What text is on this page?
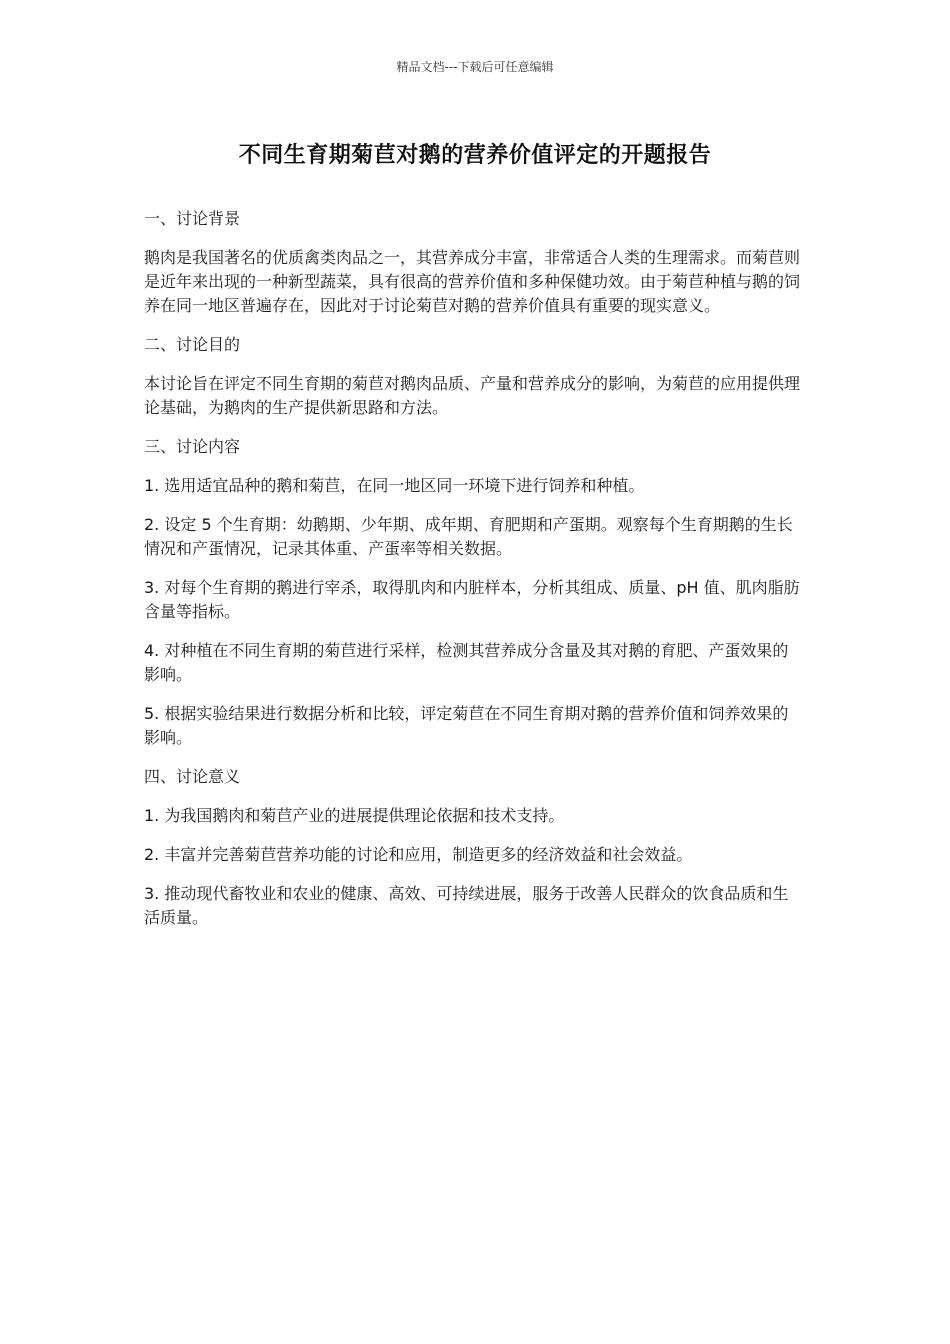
精品文档---下载后可任意编辑
不同生育期菊苣对鹅的营养价值评定的开题报告

一、讨论背景

鹅肉是我国著名的优质禽类肉品之一，其营养成分丰富，非常适合人类的生理需求。而菊苣则是近年来出现的一种新型蔬菜，具有很高的营养价值和多种保健功效。由于菊苣种植与鹅的饲养在同一地区普遍存在，因此对于讨论菊苣对鹅的营养价值具有重要的现实意义。

二、讨论目的

本讨论旨在评定不同生育期的菊苣对鹅肉品质、产量和营养成分的影响，为菊苣的应用提供理论基础，为鹅肉的生产提供新思路和方法。

三、讨论内容

1. 选用适宜品种的鹅和菊苣，在同一地区同一环境下进行饲养和种植。

2. 设定 5 个生育期：幼鹅期、少年期、成年期、育肥期和产蛋期。观察每个生育期鹅的生长情况和产蛋情况，记录其体重、产蛋率等相关数据。

3. 对每个生育期的鹅进行宰杀，取得肌肉和内脏样本，分析其组成、质量、pH 值、肌肉脂肪含量等指标。

4. 对种植在不同生育期的菊苣进行采样，检测其营养成分含量及其对鹅的育肥、产蛋效果的影响。

5. 根据实验结果进行数据分析和比较，评定菊苣在不同生育期对鹅的营养价值和饲养效果的影响。

四、讨论意义

1. 为我国鹅肉和菊苣产业的进展提供理论依据和技术支持。

2. 丰富并完善菊苣营养功能的讨论和应用，制造更多的经济效益和社会效益。

3. 推动现代畜牧业和农业的健康、高效、可持续进展，服务于改善人民群众的饮食品质和生活质量。
